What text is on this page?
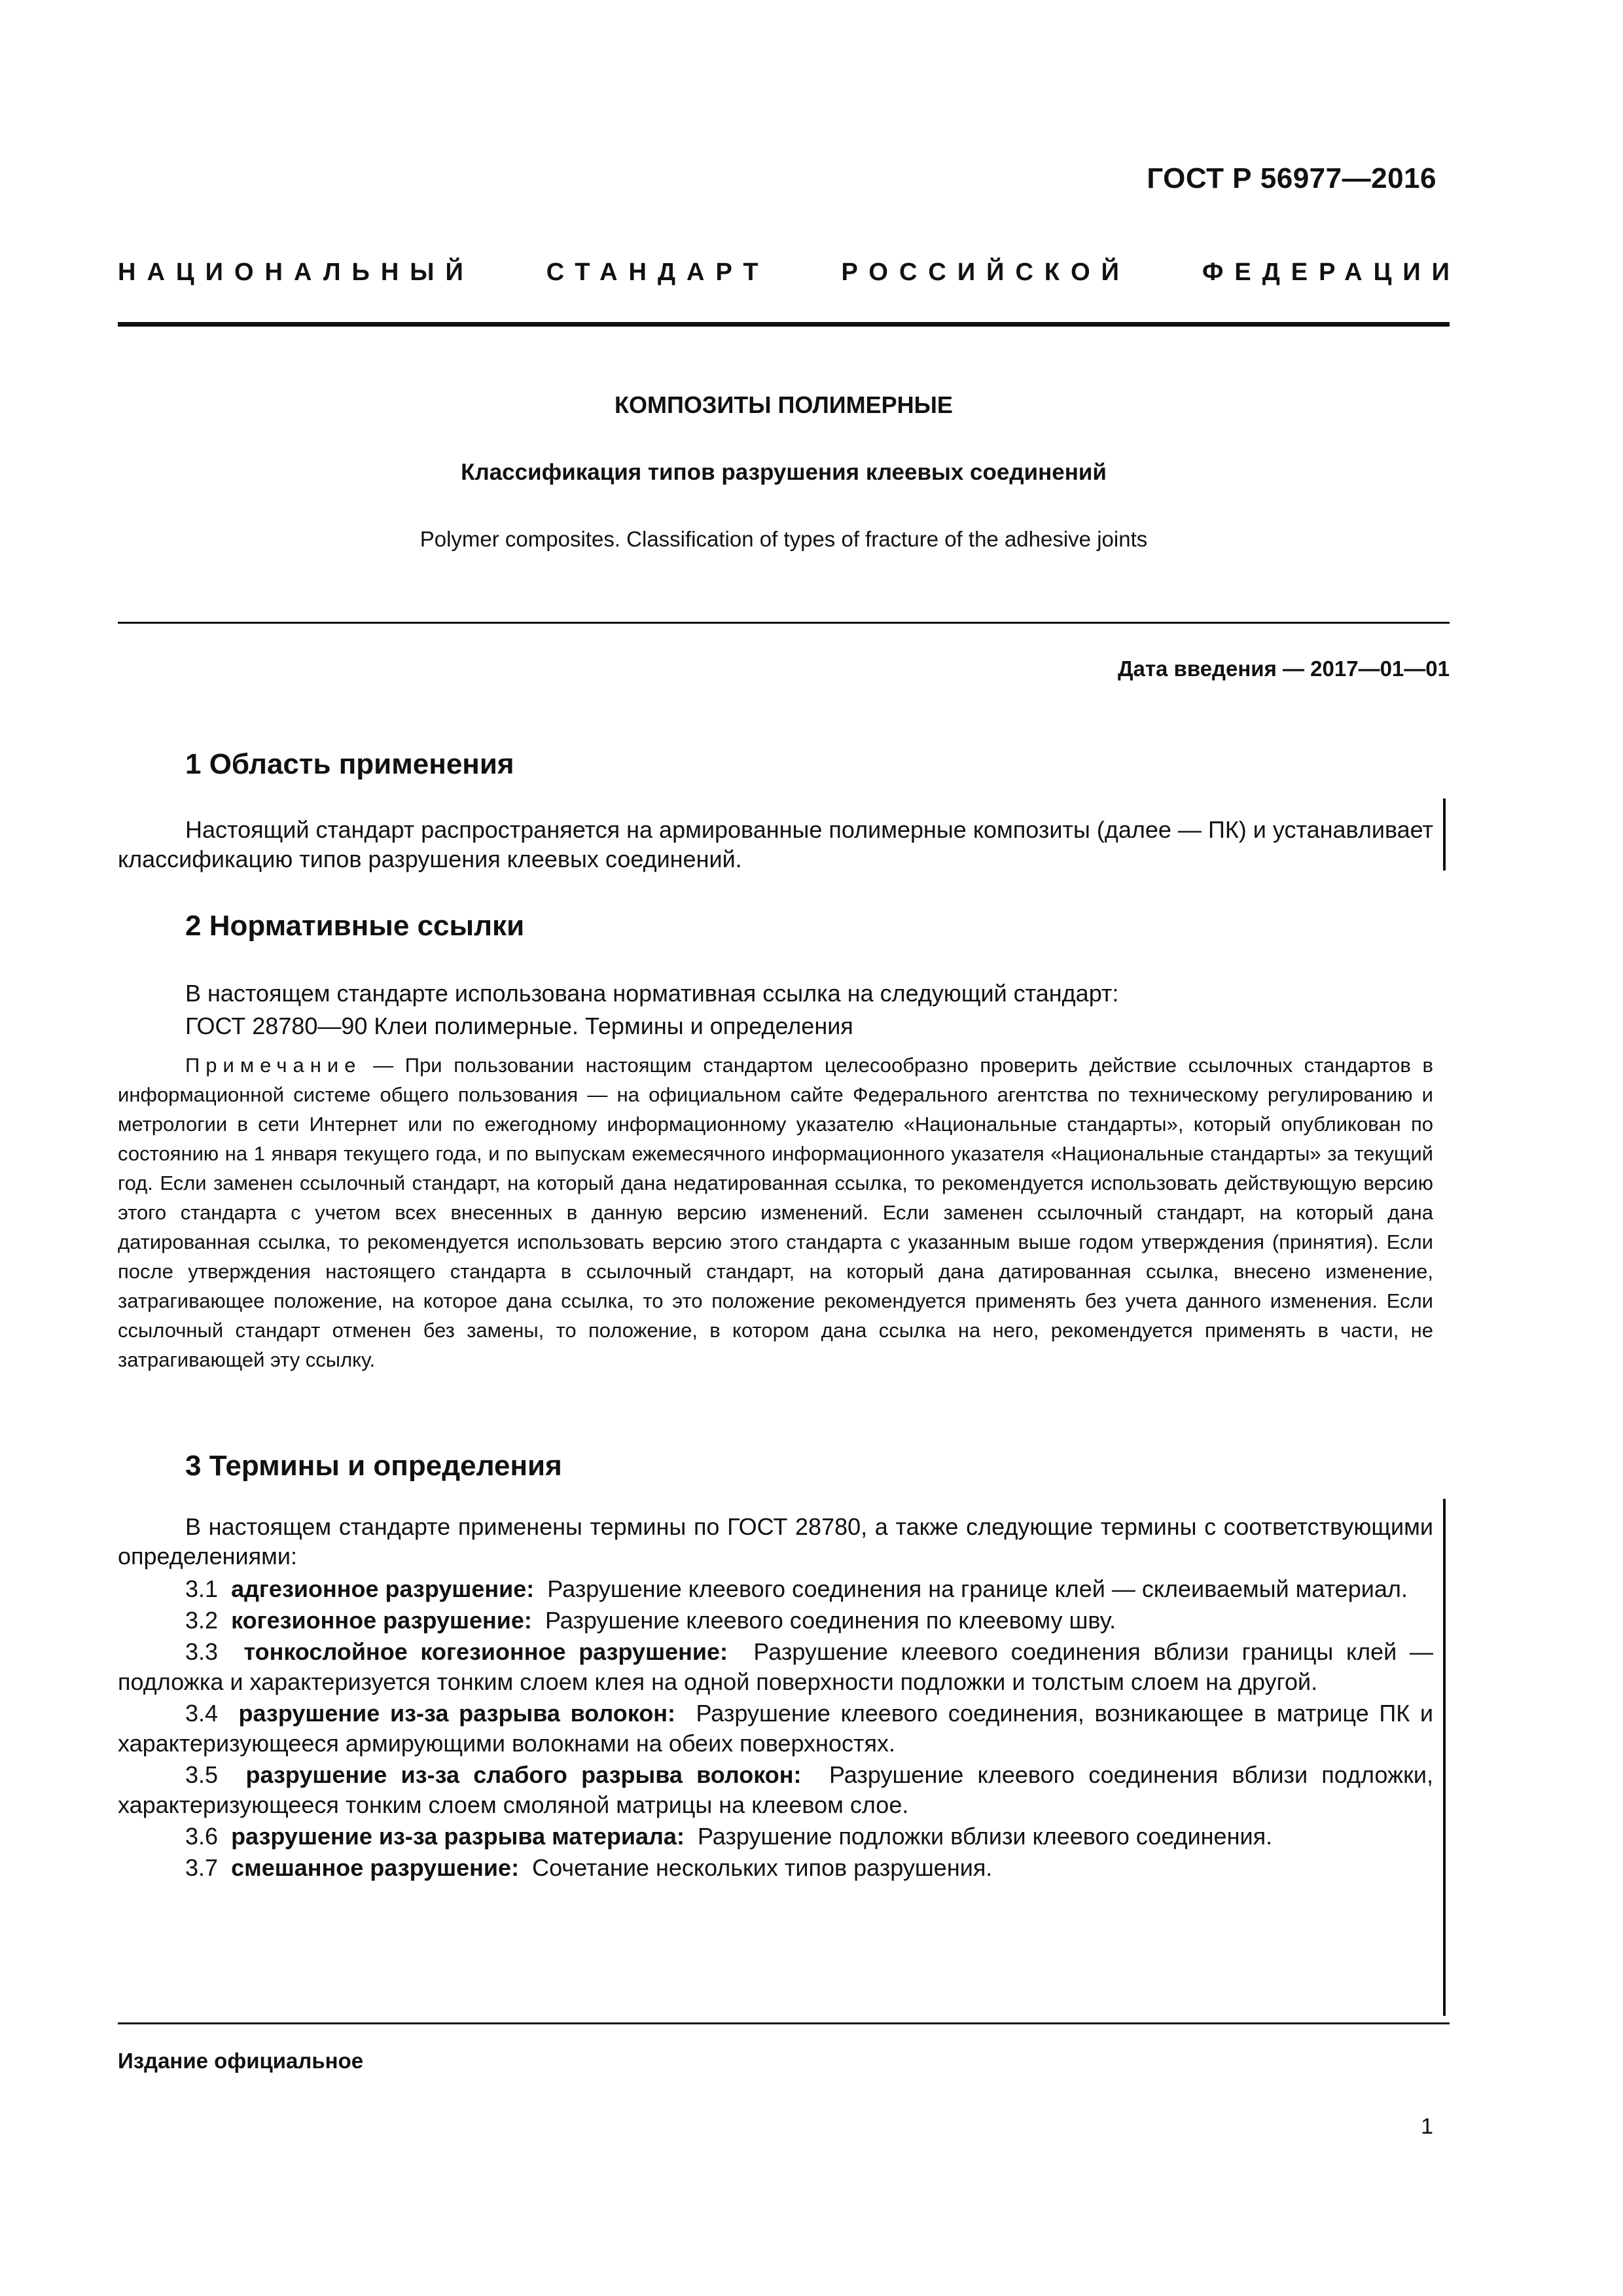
ГОСТ Р 56977—2016
НАЦИОНАЛЬНЫЙ	СТАНДАРТ	РОССИЙСКОЙ	ФЕДЕРАЦИИ
КОМПОЗИТЫ ПОЛИМЕРНЫЕ
Классификация типов разрушения клеевых соединений
Polymer composites. Classification of types of fracture of the adhesive joints
Дата введения — 2017—01—01
1 Область применения

Настоящий стандарт распространяется на армированные полимерные композиты (далее — ПК) и устанавливает классификацию типов разрушения клеевых соединений.

2 Нормативные ссылки

В настоящем стандарте использована нормативная ссылка на следующий стандарт:

ГОСТ 28780—90 Клеи полимерные. Термины и определения

Примечание — При пользовании настоящим стандартом целесообразно проверить действие ссылочных стандартов в информационной системе общего пользования — на официальном сайте Федерального агентства по техническому регулированию и метрологии в сети Интернет или по ежегодному информационному указателю «Национальные стандарты», который опубликован по состоянию на 1 января текущего года, и по выпускам ежемесячного информационного указателя «Национальные стандарты» за текущий год. Если заменен ссылочный стандарт, на который дана недатированная ссылка, то рекомендуется использовать действующую версию этого стандарта с учетом всех внесенных в данную версию изменений. Если заменен ссылочный стандарт, на который дана датированная ссылка, то рекомендуется использовать версию этого стандарта с указанным выше годом утверждения (принятия). Если после утверждения настоящего стандарта в ссылочный стандарт, на который дана датированная ссылка, внесено изменение, затрагивающее положение, на которое дана ссылка, то это положение рекомендуется применять без учета данного изменения. Если ссылочный стандарт отменен без замены, то положение, в котором дана ссылка на него, рекомендуется применять в части, не затрагивающей эту ссылку.

3 Термины и определения

В настоящем стандарте применены термины по ГОСТ 28780, а также следующие термины с соответствующими определениями:

3.1 адгезионное разрушение: Разрушение клеевого соединения на границе клей — склеиваемый материал.

3.2 когезионное разрушение: Разрушение клеевого соединения по клеевому шву.

3.3 тонкослойное когезионное разрушение: Разрушение клеевого соединения вблизи границы клей — подложка и характеризуется тонким слоем клея на одной поверхности подложки и толстым слоем на другой.

3.4 разрушение из-за разрыва волокон: Разрушение клеевого соединения, возникающее в матрице ПК и характеризующееся армирующими волокнами на обеих поверхностях.

3.5 разрушение из-за слабого разрыва волокон: Разрушение клеевого соединения вблизи подложки, характеризующееся тонким слоем смоляной матрицы на клеевом слое.

3.6 разрушение из-за разрыва материала: Разрушение подложки вблизи клеевого соединения.

3.7 смешанное разрушение: Сочетание нескольких типов разрушения.

Издание официальное
1
